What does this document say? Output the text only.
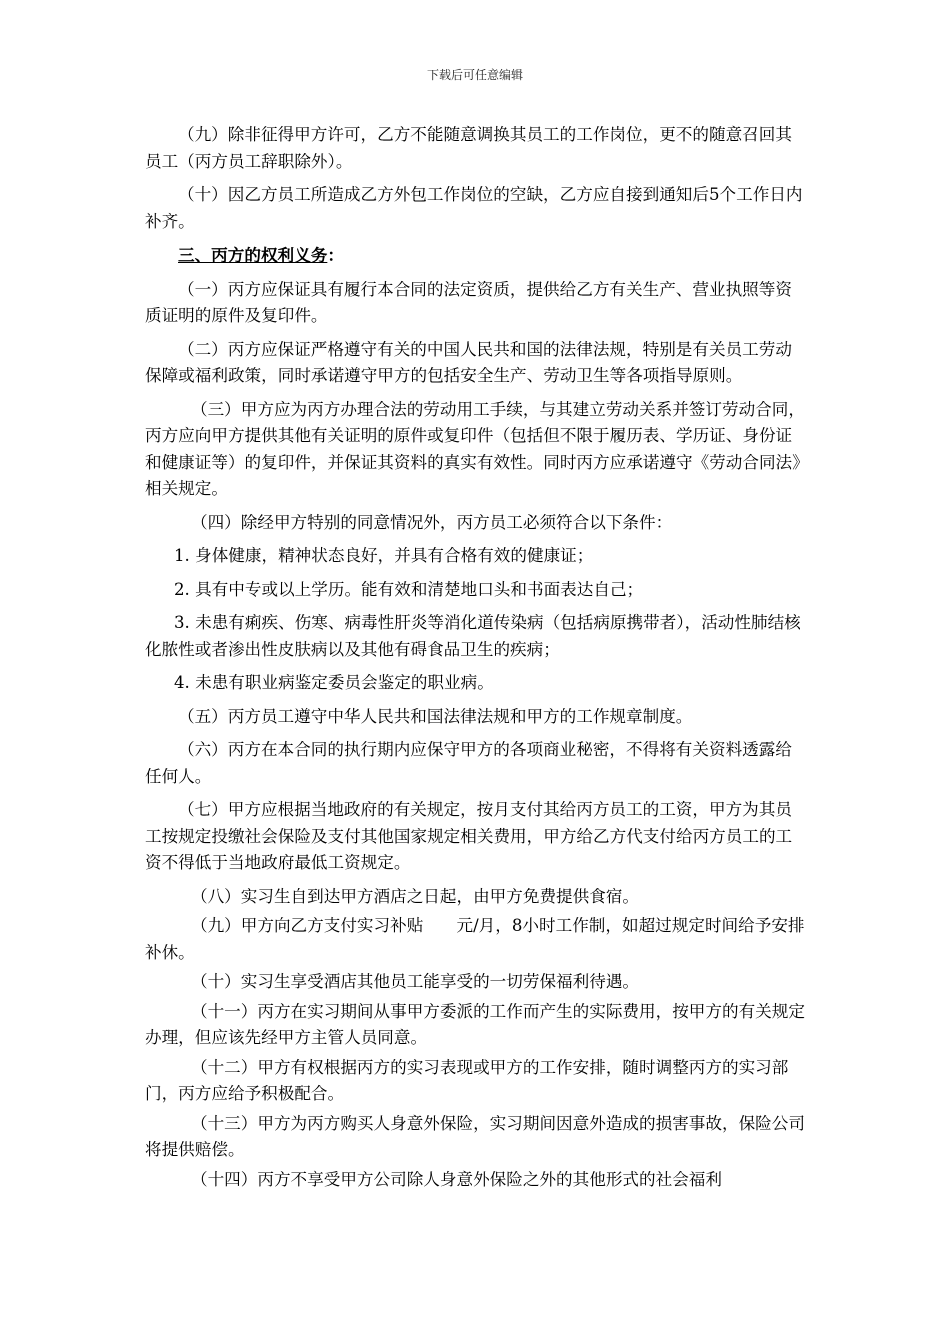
下载后可任意编辑

（九）除非征得甲方许可，乙方不能随意调换其员工的工作岗位，更不的随意召回其员工（丙方员工辞职除外）。

（十）因乙方员工所造成乙方外包工作岗位的空缺，乙方应自接到通知后5个工作日内补齐。

三、丙方的权利义务：

（一）丙方应保证具有履行本合同的法定资质，提供给乙方有关生产、营业执照等资质证明的原件及复印件。

（二）丙方应保证严格遵守有关的中国人民共和国的法律法规，特别是有关员工劳动保障或福利政策，同时承诺遵守甲方的包括安全生产、劳动卫生等各项指导原则。

（三）甲方应为丙方办理合法的劳动用工手续，与其建立劳动关系并签订劳动合同，丙方应向甲方提供其他有关证明的原件或复印件（包括但不限于履历表、学历证、身份证和健康证等）的复印件，并保证其资料的真实有效性。同时丙方应承诺遵守《劳动合同法》相关规定。

（四）除经甲方特别的同意情况外，丙方员工必须符合以下条件：

1. 身体健康，精神状态良好，并具有合格有效的健康证；

2. 具有中专或以上学历。能有效和清楚地口头和书面表达自己；

3. 未患有痢疾、伤寒、病毒性肝炎等消化道传染病（包括病原携带者），活动性肺结核化脓性或者渗出性皮肤病以及其他有碍食品卫生的疾病；

4. 未患有职业病鉴定委员会鉴定的职业病。

（五）丙方员工遵守中华人民共和国法律法规和甲方的工作规章制度。

（六）丙方在本合同的执行期内应保守甲方的各项商业秘密，不得将有关资料透露给任何人。

（七）甲方应根据当地政府的有关规定，按月支付其给丙方员工的工资，甲方为其员工按规定投缴社会保险及支付其他国家规定相关费用，甲方给乙方代支付给丙方员工的工资不得低于当地政府最低工资规定。

（八）实习生自到达甲方酒店之日起，由甲方免费提供食宿。

（九）甲方向乙方支付实习补贴　　元/月，8小时工作制，如超过规定时间给予安排补休。

（十）实习生享受酒店其他员工能享受的一切劳保福利待遇。

（十一）丙方在实习期间从事甲方委派的工作而产生的实际费用，按甲方的有关规定办理，但应该先经甲方主管人员同意。

（十二）甲方有权根据丙方的实习表现或甲方的工作安排，随时调整丙方的实习部门，丙方应给予积极配合。

（十三）甲方为丙方购买人身意外保险，实习期间因意外造成的损害事故，保险公司将提供赔偿。

（十四）丙方不享受甲方公司除人身意外保险之外的其他形式的社会福利
